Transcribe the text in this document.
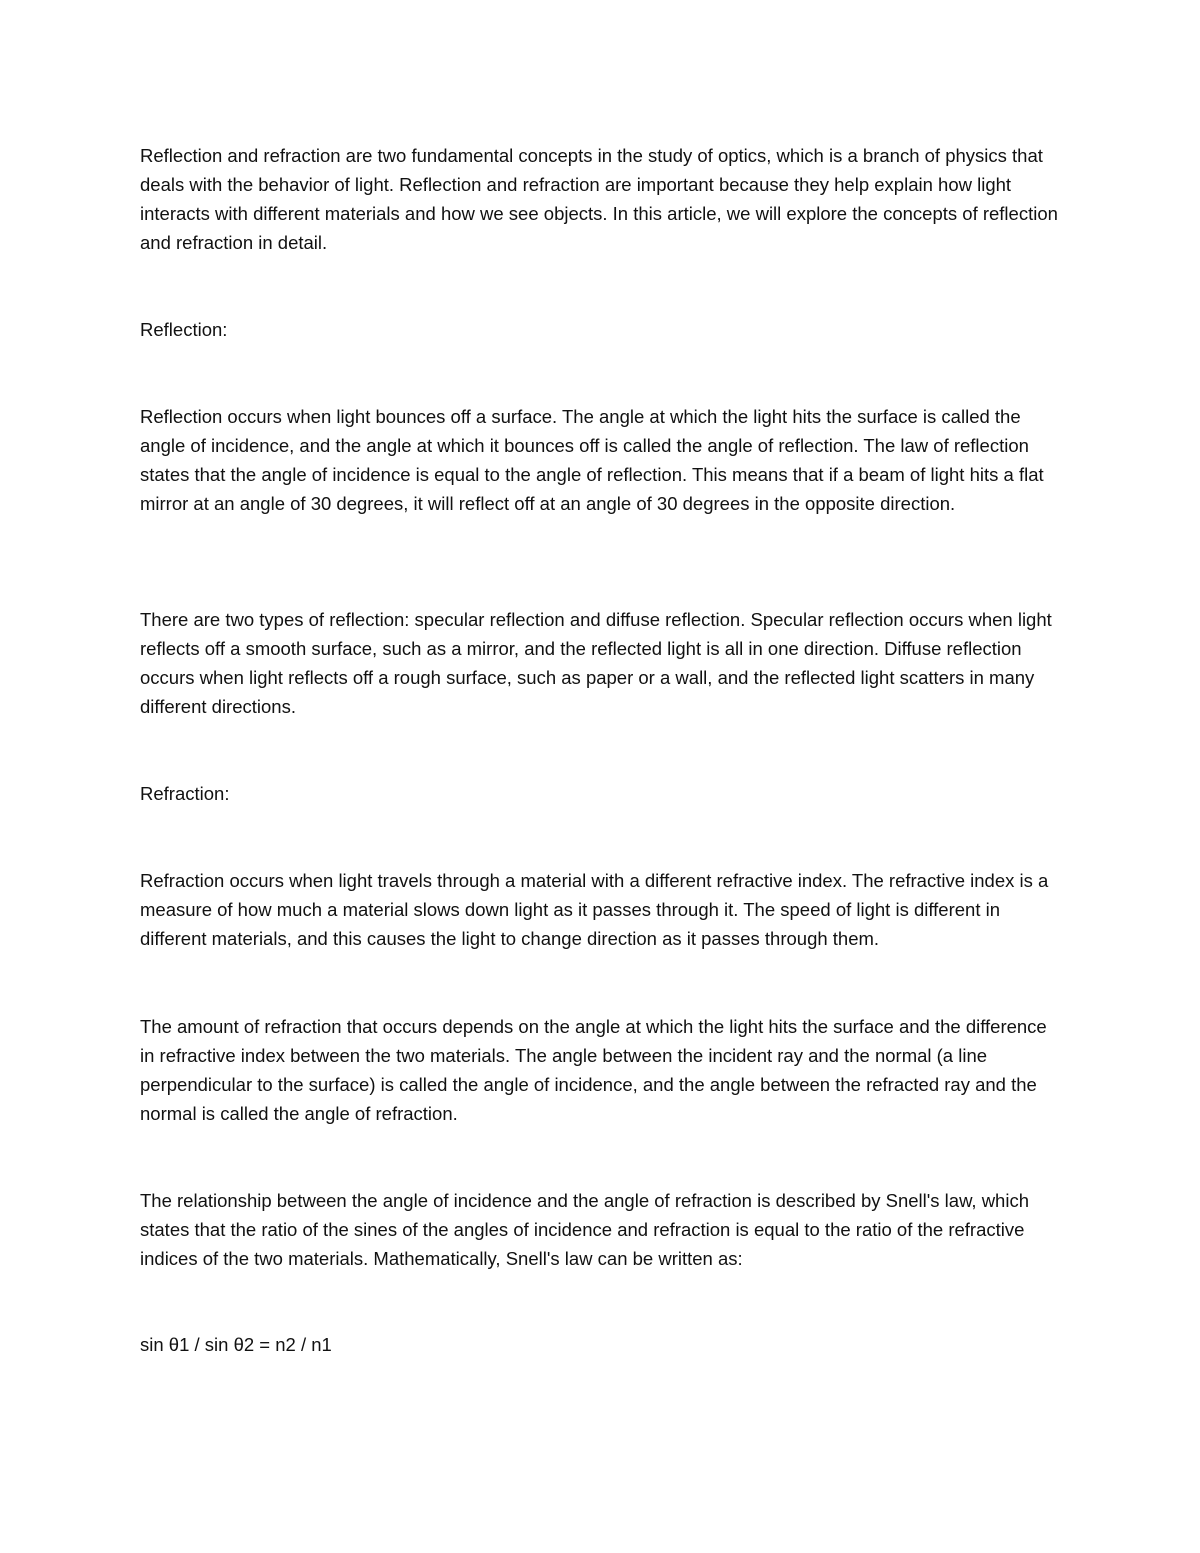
Reflection and refraction are two fundamental concepts in the study of optics, which is a branch of physics that deals with the behavior of light. Reflection and refraction are important because they help explain how light interacts with different materials and how we see objects. In this article, we will explore the concepts of reflection and refraction in detail.

Reflection:

Reflection occurs when light bounces off a surface. The angle at which the light hits the surface is called the angle of incidence, and the angle at which it bounces off is called the angle of reflection. The law of reflection states that the angle of incidence is equal to the angle of reflection. This means that if a beam of light hits a flat mirror at an angle of 30 degrees, it will reflect off at an angle of 30 degrees in the opposite direction.

There are two types of reflection: specular reflection and diffuse reflection. Specular reflection occurs when light reflects off a smooth surface, such as a mirror, and the reflected light is all in one direction. Diffuse reflection occurs when light reflects off a rough surface, such as paper or a wall, and the reflected light scatters in many different directions.

Refraction:

Refraction occurs when light travels through a material with a different refractive index. The refractive index is a measure of how much a material slows down light as it passes through it. The speed of light is different in different materials, and this causes the light to change direction as it passes through them.

The amount of refraction that occurs depends on the angle at which the light hits the surface and the difference in refractive index between the two materials. The angle between the incident ray and the normal (a line perpendicular to the surface) is called the angle of incidence, and the angle between the refracted ray and the normal is called the angle of refraction.

The relationship between the angle of incidence and the angle of refraction is described by Snell's law, which states that the ratio of the sines of the angles of incidence and refraction is equal to the ratio of the refractive indices of the two materials. Mathematically, Snell's law can be written as:

sin θ1 / sin θ2 = n2 / n1
